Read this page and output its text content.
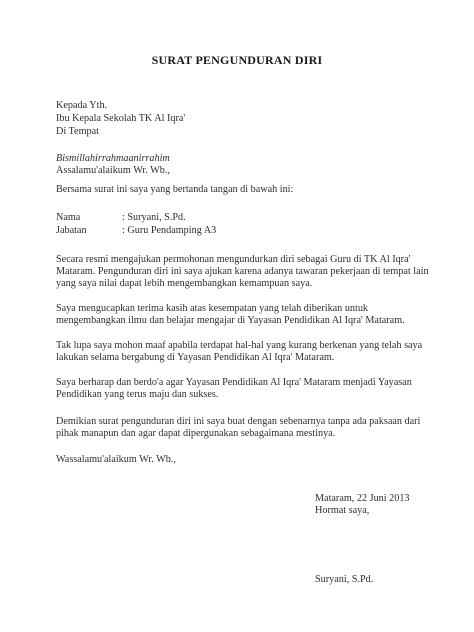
SURAT PENGUNDURAN DIRI
Kepada Yth.
Ibu Kepala Sekolah TK Al Iqra'
Di Tempat
Bismillahirrahmaanirrahim
Assalamu'alaikum Wr. Wb.,
Bersama surat ini saya yang bertanda tangan di bawah ini:
Nama	: Suryani, S.Pd.
Jabatan	: Guru Pendamping A3
Secara resmi mengajukan permohonan mengundurkan diri sebagai Guru di TK Al Iqra'
Mataram. Pengunduran diri ini saya ajukan karena adanya tawaran pekerjaan di tempat lain
yang saya nilai dapat lebih mengembangkan kemampuan saya.
Saya mengucapkan terima kasih atas kesempatan yang telah diberikan untuk
mengembangkan ilmu dan belajar mengajar di Yayasan Pendidikan Al Iqra' Mataram.
Tak lupa saya mohon maaf apabila terdapat hal-hal yang kurang berkenan yang telah saya
lakukan selama bergabung di Yayasan Pendidikan Al Iqra' Mataram.
Saya berharap dan berdo'a agar Yayasan Pendidikan Al Iqra' Mataram menjadi Yayasan
Pendidikan yang terus maju dan sukses.
Demikian surat pengunduran diri ini saya buat dengan sebenarnya tanpa ada paksaan dari
pihak manapun dan agar dapat dipergunakan sebagaimana mestinya.
Wassalamu'alaikum Wr. Wb.,
Mataram, 22 Juni 2013
Hormat saya,
Suryani, S.Pd.
